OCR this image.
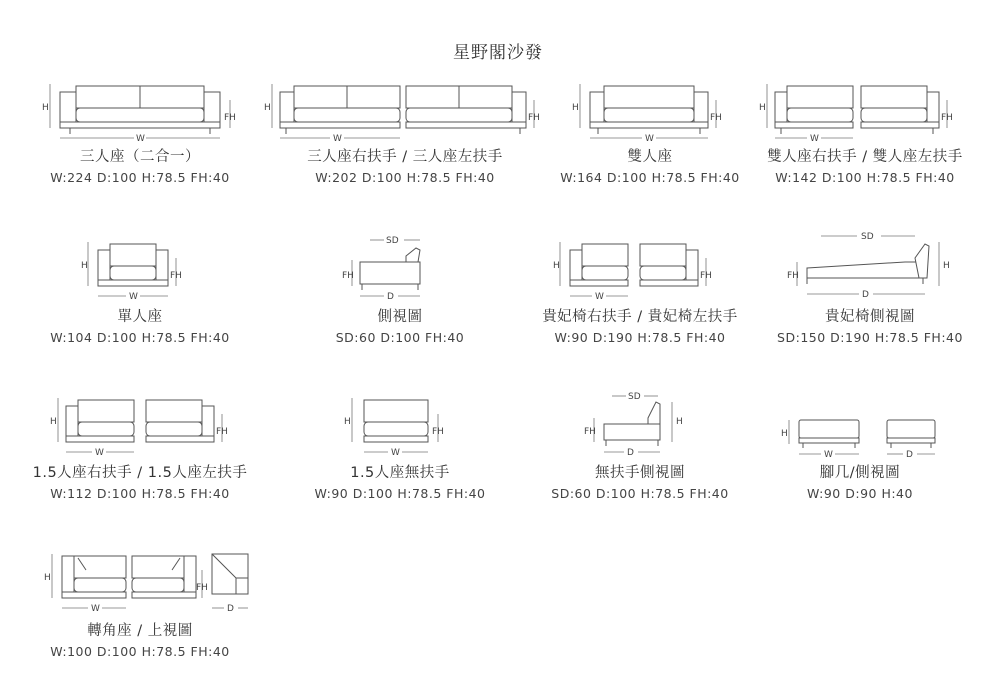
星野閣沙發
H
FH
W
三人座（二合一）
W:224 D:100 H:78.5 FH:40
H
FH
W
三人座右扶手 / 三人座左扶手
W:202 D:100 H:78.5 FH:40
H
FH
W
雙人座
W:164 D:100 H:78.5 FH:40
H
FH
W
雙人座右扶手 / 雙人座左扶手
W:142 D:100 H:78.5 FH:40
H
FH
W
單人座
W:104 D:100 H:78.5 FH:40
SD
FH
D
側視圖
SD:60 D:100 FH:40
H
FH
W
貴妃椅右扶手 / 貴妃椅左扶手
W:90 D:190 H:78.5 FH:40
SD
FH
H
D
貴妃椅側視圖
SD:150 D:190 H:78.5 FH:40
H
FH
W
1.5人座右扶手 / 1.5人座左扶手
W:112 D:100 H:78.5 FH:40
H
FH
W
1.5人座無扶手
W:90 D:100 H:78.5 FH:40
SD
FH
H
D
無扶手側視圖
SD:60 D:100 H:78.5 FH:40
H
W	D
腳几/側視圖
W:90 D:90 H:40
H
FH
W	D
轉角座 / 上視圖
W:100 D:100 H:78.5 FH:40
